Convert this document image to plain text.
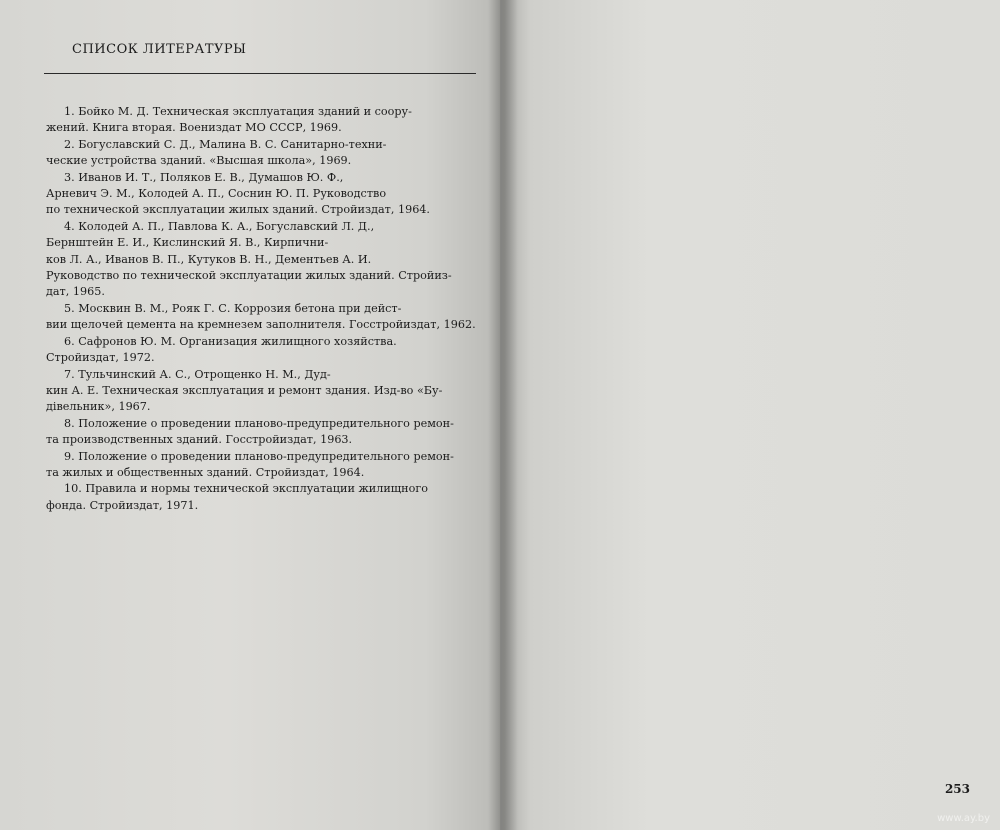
СПИСОК ЛИТЕРАТУРЫ
1. Бойко М. Д. Техническая эксплуатация зданий и соору-
жений. Книга вторая. Воениздат МО СССР, 1969.
2. Богуславский С. Д., Малина В. С. Санитарно-техни-
ческие устройства зданий. «Высшая школа», 1969.
3. Иванов И. Т., Поляков Е. В., Думашов Ю. Ф.,
Арневич Э. М., Колодей А. П., Соснин Ю. П. Руководство
по технической эксплуатации жилых зданий. Стройиздат, 1964.
4. Колодей А. П., Павлова К. А., Богуславский Л. Д.,
Бернштейн Е. И., Кислинский Я. В., Кирпични-
ков Л. А., Иванов В. П., Кутуков В. Н., Дементьев А. И.
Руководство по технической эксплуатации жилых зданий. Стройиз-
дат, 1965.
5. Москвин В. М., Рояк Г. С. Коррозия бетона при дейст-
вии щелочей цемента на кремнезем заполнителя. Госстройиздат, 1962.
6. Сафронов Ю. М. Организация жилищного хозяйства.
Стройиздат, 1972.
7. Тульчинский А. С., Отрощенко Н. М., Дуд-
кин А. Е. Техническая эксплуатация и ремонт здания. Изд-во «Бу-
дівельник», 1967.
8. Положение о проведении планово-предупредительного ремон-
та производственных зданий. Госстройиздат, 1963.
9. Положение о проведении планово-предупредительного ремон-
та жилых и общественных зданий. Стройиздат, 1964.
10. Правила и нормы технической эксплуатации жилищного
фонда. Стройиздат, 1971.
253
www.ay.by
